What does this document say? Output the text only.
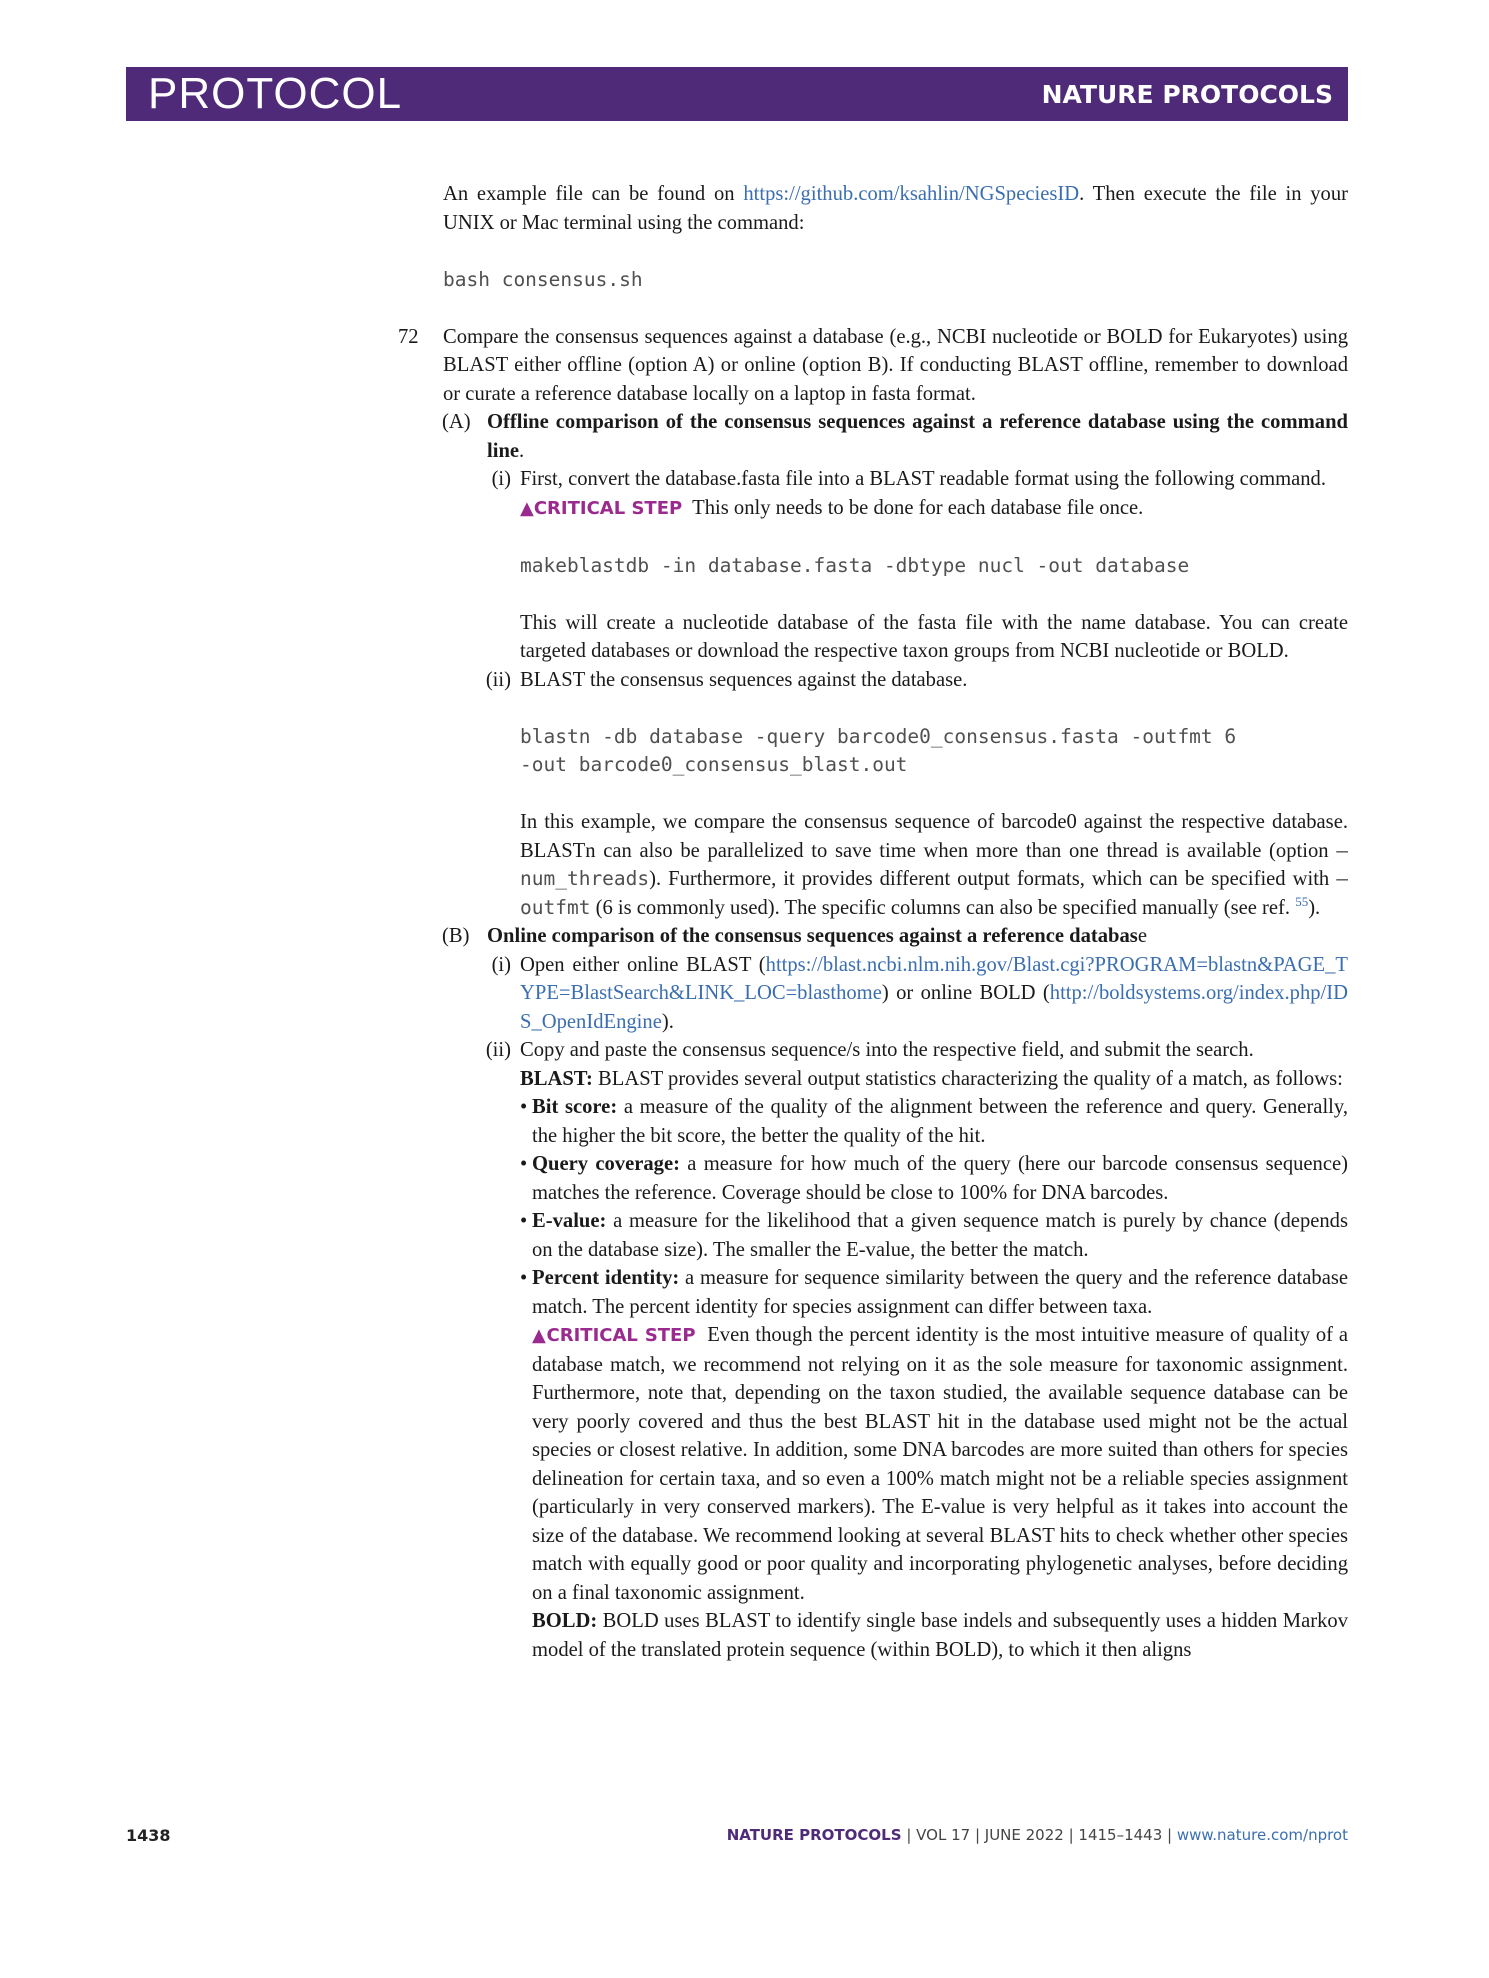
PROTOCOL	NATURE PROTOCOLS

An example file can be found on https://github.com/ksahlin/NGSpeciesID. Then execute the file in your UNIX or Mac terminal using the command:

bash consensus.sh

72 Compare the consensus sequences against a database (e.g., NCBI nucleotide or BOLD for Eukaryotes) using BLAST either offline (option A) or online (option B). If conducting BLAST offline, remember to download or curate a reference database locally on a laptop in fasta format.

(A) Offline comparison of the consensus sequences against a reference database using the command line.

(i) First, convert the database.fasta file into a BLAST readable format using the following command.

▲CRITICAL STEP This only needs to be done for each database file once.

makeblastdb -in database.fasta -dbtype nucl -out database

This will create a nucleotide database of the fasta file with the name database. You can create targeted databases or download the respective taxon groups from NCBI nucleotide or BOLD.

(ii) BLAST the consensus sequences against the database.

blastn -db database -query barcode0_consensus.fasta -outfmt 6

-out barcode0_consensus_blast.out

In this example, we compare the consensus sequence of barcode0 against the respective database. BLASTn can also be parallelized to save time when more than one thread is available (option –num_threads). Furthermore, it provides different output formats, which can be specified with –outfmt (6 is commonly used). The specific columns can also be specified manually (see ref. $^{55}$).

(B) Online comparison of the consensus sequences against a reference database

(i) Open either online BLAST (https://blast.ncbi.nlm.nih.gov/Blast.cgi?PROGRAM=blastn&PAGE_TYPE=BlastSearch&LINK_LOC=blasthome) or online BOLD (http://boldsystems.org/index.php/IDS_OpenIdEngine).

(ii) Copy and paste the consensus sequence/s into the respective field, and submit the search.

BLAST: BLAST provides several output statistics characterizing the quality of a match, as follows:

• Bit score: a measure of the quality of the alignment between the reference and query. Generally, the higher the bit score, the better the quality of the hit.

• Query coverage: a measure for how much of the query (here our barcode consensus sequence) matches the reference. Coverage should be close to 100% for DNA barcodes.

• E-value: a measure for the likelihood that a given sequence match is purely by chance (depends on the database size). The smaller the E-value, the better the match.

• Percent identity: a measure for sequence similarity between the query and the reference database match. The percent identity for species assignment can differ between taxa.

▲CRITICAL STEP Even though the percent identity is the most intuitive measure of quality of a database match, we recommend not relying on it as the sole measure for taxonomic assignment. Furthermore, note that, depending on the taxon studied, the available sequence database can be very poorly covered and thus the best BLAST hit in the database used might not be the actual species or closest relative. In addition, some DNA barcodes are more suited than others for species delineation for certain taxa, and so even a 100% match might not be a reliable species assignment (particularly in very conserved markers). The E-value is very helpful as it takes into account the size of the database. We recommend looking at several BLAST hits to check whether other species match with equally good or poor quality and incorporating phylogenetic analyses, before deciding on a final taxonomic assignment.

BOLD: BOLD uses BLAST to identify single base indels and subsequently uses a hidden Markov model of the translated protein sequence (within BOLD), to which it then aligns

1438	NATURE PROTOCOLS | VOL 17 | JUNE 2022 | 1415–1443 | www.nature.com/nprot
